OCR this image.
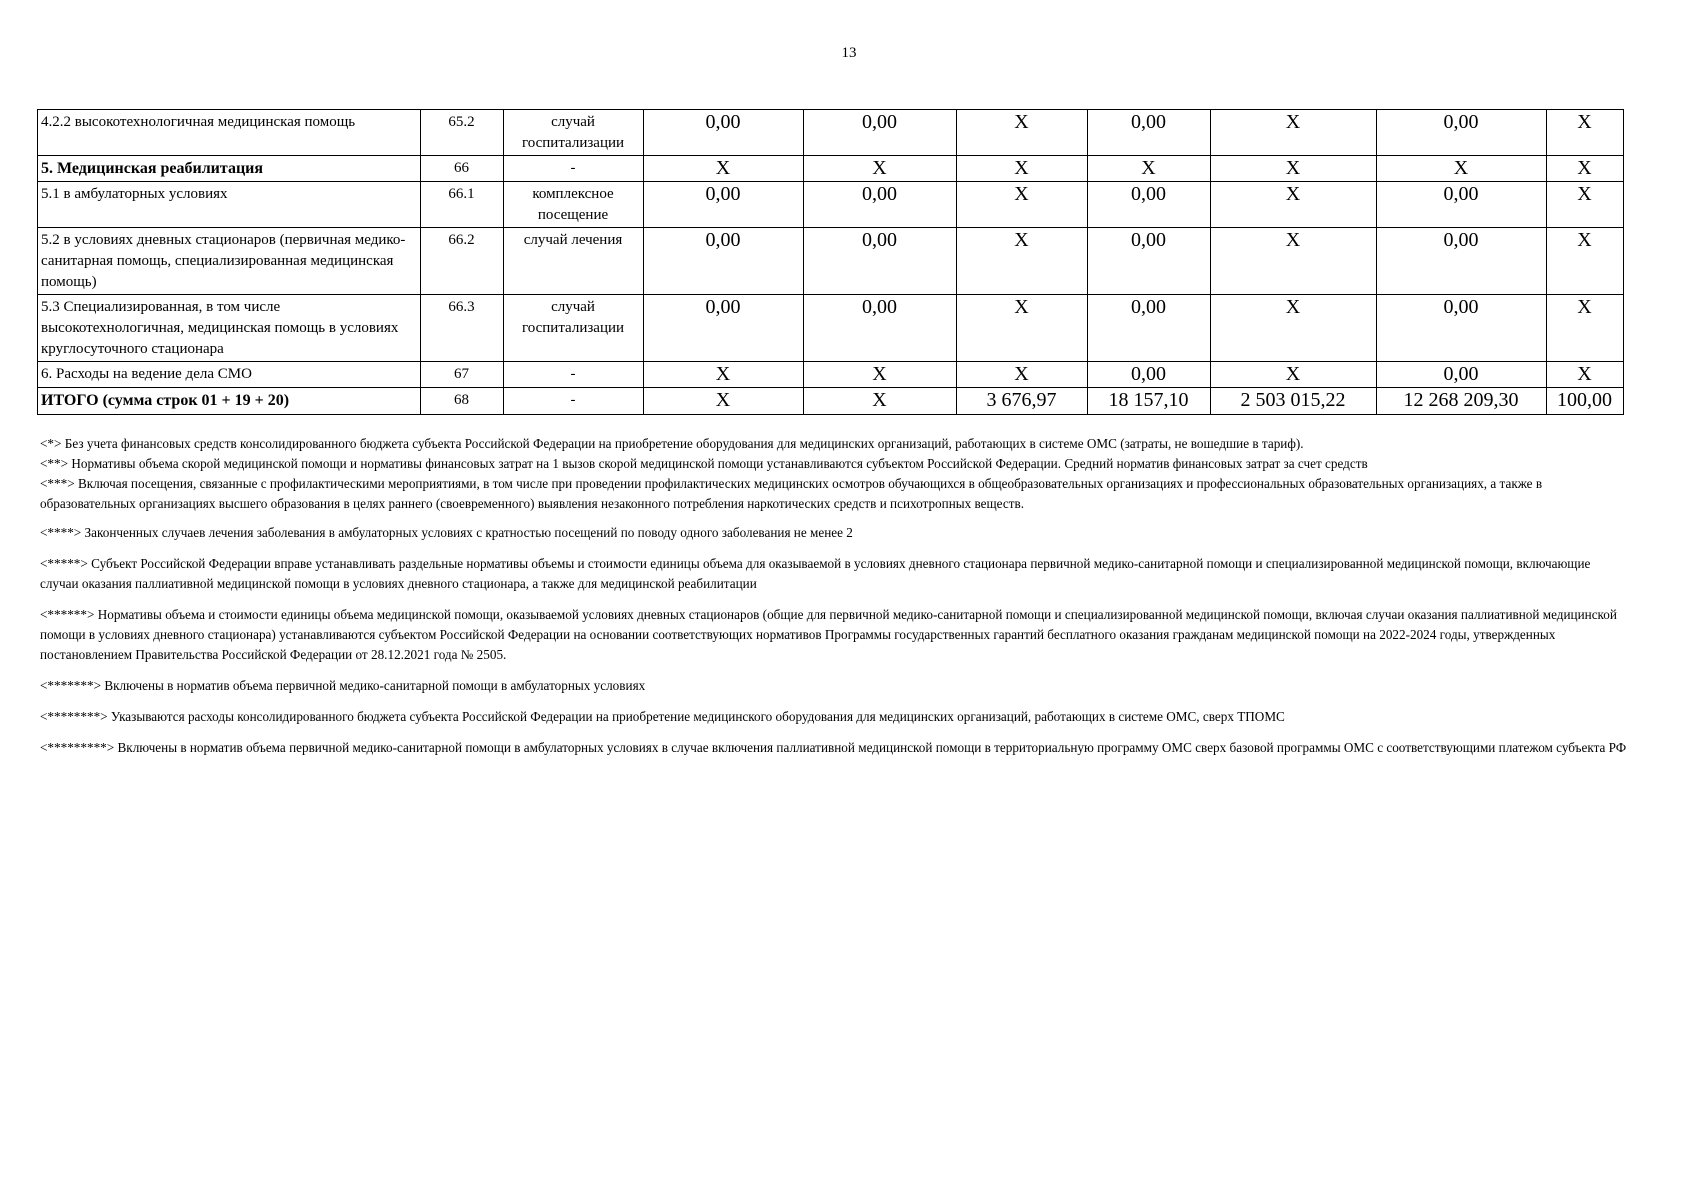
13
4.2.2 высокотехнологичная медицинская помощь	65.2	случай госпитализации	0,00	0,00	X	0,00	X	0,00	X
5. Медицинская реабилитация	66	-	X	X	X	X	X	X	X
5.1 в амбулаторных условиях	66.1	комплексное посещение	0,00	0,00	X	0,00	X	0,00	X
5.2 в условиях дневных стационаров (первичная медико-санитарная помощь, специализированная медицинская помощь)	66.2	случай лечения	0,00	0,00	X	0,00	X	0,00	X
5.3 Специализированная, в том числе высокотехнологичная, медицинская помощь в условиях круглосуточного стационара	66.3	случай госпитализации	0,00	0,00	X	0,00	X	0,00	X
6. Расходы на ведение дела СМО	67	-	X	X	X	0,00	X	0,00	X
ИТОГО (сумма строк 01 + 19 + 20)	68	-	X	X	3 676,97	18 157,10	2 503 015,22	12 268 209,30	100,00

<*> Без учета финансовых средств консолидированного бюджета субъекта Российской Федерации на приобретение оборудования для медицинских организаций, работающих в системе ОМС (затраты, не вошедшие в тариф).

<**> Нормативы объема скорой медицинской помощи и нормативы финансовых затрат на 1 вызов скорой медицинской помощи устанавливаются субъектом Российской Федерации. Средний норматив финансовых затрат за счет средств

<***> Включая посещения, связанные с профилактическими мероприятиями, в том числе при проведении профилактических медицинских осмотров обучающихся в общеобразовательных организациях и профессиональных образовательных организациях, а также в образовательных организациях высшего образования в целях раннего (своевременного) выявления незаконного потребления наркотических средств и психотропных веществ.

<****> Законченных случаев лечения заболевания в амбулаторных условиях с кратностью посещений по поводу одного заболевания не менее 2

<*****> Субъект Российской Федерации вправе устанавливать раздельные нормативы объемы и стоимости единицы объема для оказываемой в условиях дневного стационара первичной медико-санитарной помощи и специализированной медицинской помощи, включающие случаи оказания паллиативной медицинской помощи в условиях дневного стационара, а также для медицинской реабилитации

<******> Нормативы объема и стоимости единицы объема медицинской помощи, оказываемой условиях дневных стационаров (общие для первичной медико-санитарной помощи и специализированной медицинской помощи, включая случаи оказания паллиативной медицинской помощи в условиях дневного стационара) устанавливаются субъектом Российской Федерации на основании соответствующих нормативов Программы государственных гарантий бесплатного оказания гражданам медицинской помощи на 2022-2024 годы, утвержденных постановлением Правительства Российской Федерации от 28.12.2021 года № 2505.

<*******> Включены в норматив объема первичной медико-санитарной помощи в амбулаторных условиях

<********> Указываются расходы консолидированного бюджета субъекта Российской Федерации на приобретение медицинского оборудования для медицинских организаций, работающих в системе ОМС, сверх ТПОМС

<*********> Включены в норматив объема первичной медико-санитарной помощи в амбулаторных условиях в случае включения паллиативной медицинской помощи в территориальную программу ОМС сверх базовой программы ОМС с соответствующими платежом субъекта РФ
